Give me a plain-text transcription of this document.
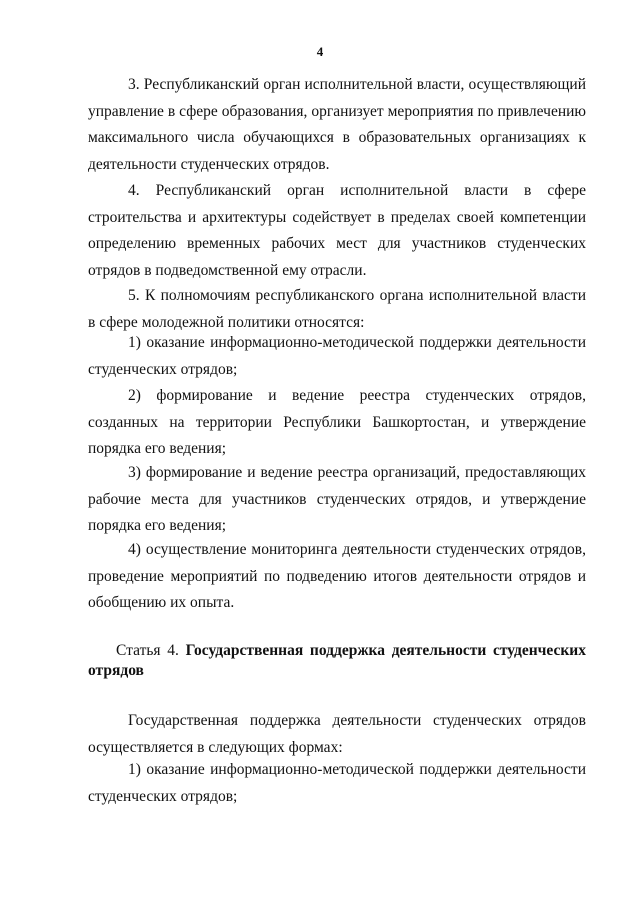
4

3. Республиканский орган исполнительной власти, осуществляющий управление в сфере образования, организует мероприятия по привлечению максимального числа обучающихся в образовательных организациях к деятельности студенческих отрядов.

4. Республиканский орган исполнительной власти в сфере строительства и архитектуры содействует в пределах своей компетенции определению временных рабочих мест для участников студенческих отрядов в подведомственной ему отрасли.

5. К полномочиям республиканского органа исполнительной власти в сфере молодежной политики относятся:

1) оказание информационно-методической поддержки деятельности студенческих отрядов;

2) формирование и ведение реестра студенческих отрядов, созданных на территории Республики Башкортостан, и утверждение порядка его ведения;

3) формирование и ведение реестра организаций, предоставляющих рабочие места для участников студенческих отрядов, и утверждение порядка его ведения;

4) осуществление мониторинга деятельности студенческих отрядов, проведение мероприятий по подведению итогов деятельности отрядов и обобщению их опыта.

Статья 4. Государственная поддержка деятельности студенческих отрядов

Государственная поддержка деятельности студенческих отрядов осуществляется в следующих формах:

1) оказание информационно-методической поддержки деятельности студенческих отрядов;
